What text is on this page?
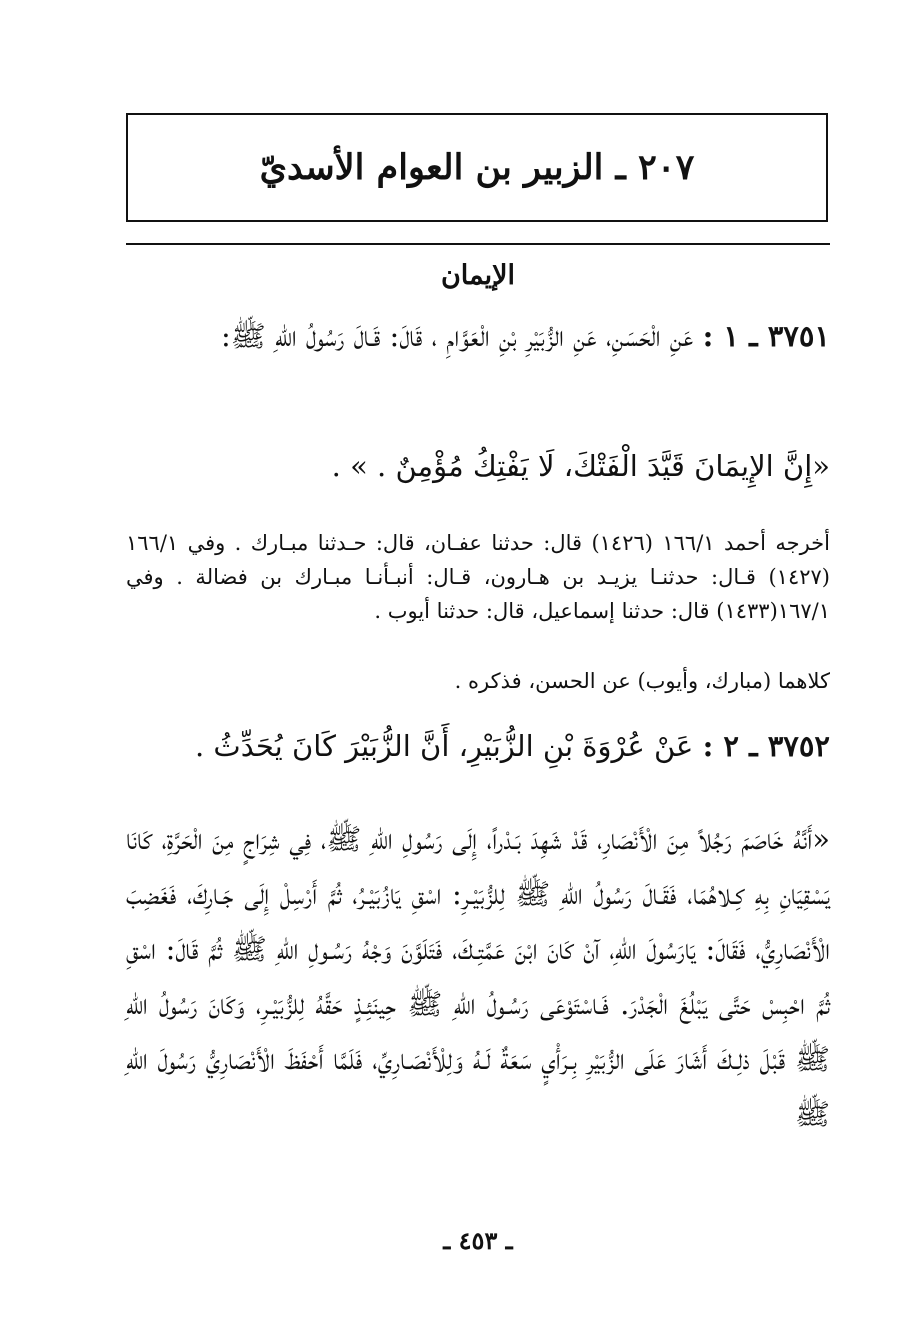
٢٠٧ ـ الزبير بن العوام الأسديّ
الإيمان
٣٧٥١ ـ ١ : عَنِ الْحَسَنِ، عَنِ الزُّبَيْرِ بْنِ الْعَوَّامِ ، قَالَ: قَـالَ رَسُولُ اللهِ ﷺ:
«إِنَّ الإِيمَانَ قَيَّدَ الْفَتْكَ، لَا يَفْتِكُ مُؤْمِنٌ . » .
أخرجه أحمد ١٦٦/١ (١٤٢٦) قال: حدثنا عفـان، قال: حـدثنا مبـارك . وفي ١٦٦/١ (١٤٢٧) قـال: حدثنـا يزيـد بن هـارون، قـال: أنبـأنـا مبـارك بن فضالة . وفي ١٦٧/١(١٤٣٣) قال: حدثنا إسماعيل، قال: حدثنا أيوب .
كلاهما (مبارك، وأيوب) عن الحسن، فذكره .
٣٧٥٢ ـ ٢ : عَنْ عُرْوَةَ بْنِ الزُّبَيْرِ، أَنَّ الزُّبَيْرَ كَانَ يُحَدِّثُ .
«أَنَّهُ خَاصَمَ رَجُلاً مِنَ الْأَنْصَارِ، قَدْ شَهِدَ بَـدْراً، إِلَى رَسُولِ اللهِ ﷺ، فِي شِرَاجٍ مِنَ الْحَرَّةِ، كَانَا يَسْقِيَانِ بِهِ كِـلاهُمَا، فَقَـالَ رَسُولُ اللهِ ﷺ لِلزُّبَيْـرِ: اسْقِ يَازُبَيْـرُ، ثُمَّ أَرْسِلْ إِلَى جَـارِكَ، فَغَضِبَ الْأَنْصَارِيُّ، فَقَالَ: يَارَسُولَ اللهِ، آنْ كَانَ ابْنَ عَمَّتِـكَ، فَتَلَوَّنَ وَجْهُ رَسُـولِ اللهِ ﷺ ثُمَّ قَالَ: اسْقِ ثُمَّ احْبِسْ حَتَّى يَبْلُغَ الْجَدْرَ. فَـاسْتَوْعَى رَسُـولُ اللهِ ﷺ حِينَئِـذٍ حَقَّهُ لِلزُّبَيْـرِ، وَكَانَ رَسُولُ اللهِ ﷺ قَبْلَ ذلِـكَ أَشَارَ عَلَى الزُّبَيْرِ بِـرَأْيٍ سَعَةٌ لَـهُ وَلِلْأَنْصَـارِيِّ، فَلَمَّا أَحْفَظَ الْأَنْصَارِيُّ رَسُولَ اللهِ ﷺ
ـ ٤٥٣ ـ
